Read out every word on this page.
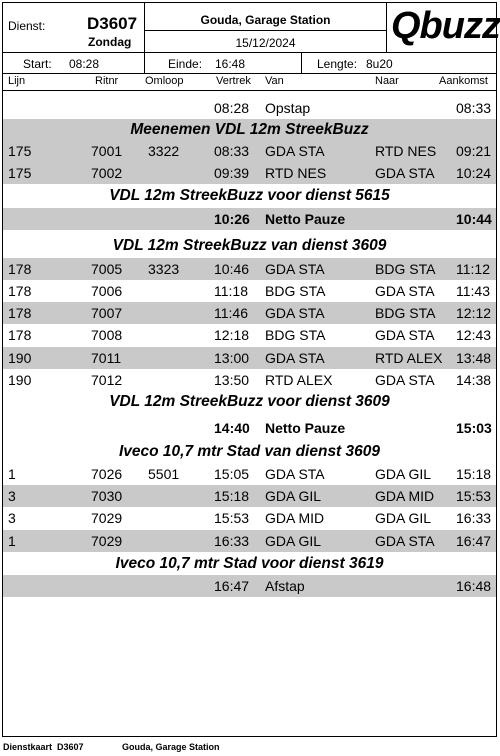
Dienst: D3607
Zondag
Gouda, Garage Station
15/12/2024	Qbuzz
Start: 08:28	Einde: 16:48	Lengte: 8u20
Lijn	Ritnr Omloop	Vertrek Van	Naar	Aankomst
08:28 Opstap	08:33
Meenemen VDL 12m StreekBuzz
175	7001 3322 08:33 GDA STA	RTD NES 09:21
175	7002	09:39 RTD NES	GDA STA 10:24
VDL 12m StreekBuzz voor dienst 5615
10:26 Netto Pauze	10:44
VDL 12m StreekBuzz van dienst 3609
178	7005 3323 10:46 GDA STA	BDG STA 11:12
178	7006	11:18 BDG STA	GDA STA 11:43
178	7007	11:46 GDA STA	BDG STA 12:12
178	7008	12:18 BDG STA	GDA STA 12:43
190	7011	13:00 GDA STA	RTD ALEX 13:48
190	7012	13:50 RTD ALEX	GDA STA 14:38
VDL 12m StreekBuzz voor dienst 3609
14:40 Netto Pauze	15:03
Iveco 10,7 mtr Stad van dienst 3609
1	7026 5501 15:05 GDA STA	GDA GIL 15:18
3	7030	15:18 GDA GIL	GDA MID 15:53
3	7029	15:53 GDA MID	GDA GIL 16:33
1	7029	16:33 GDA GIL	GDA STA 16:47
Iveco 10,7 mtr Stad voor dienst 3619
16:47 Afstap	16:48
Dienstkaart  D3607	Gouda, Garage Station
